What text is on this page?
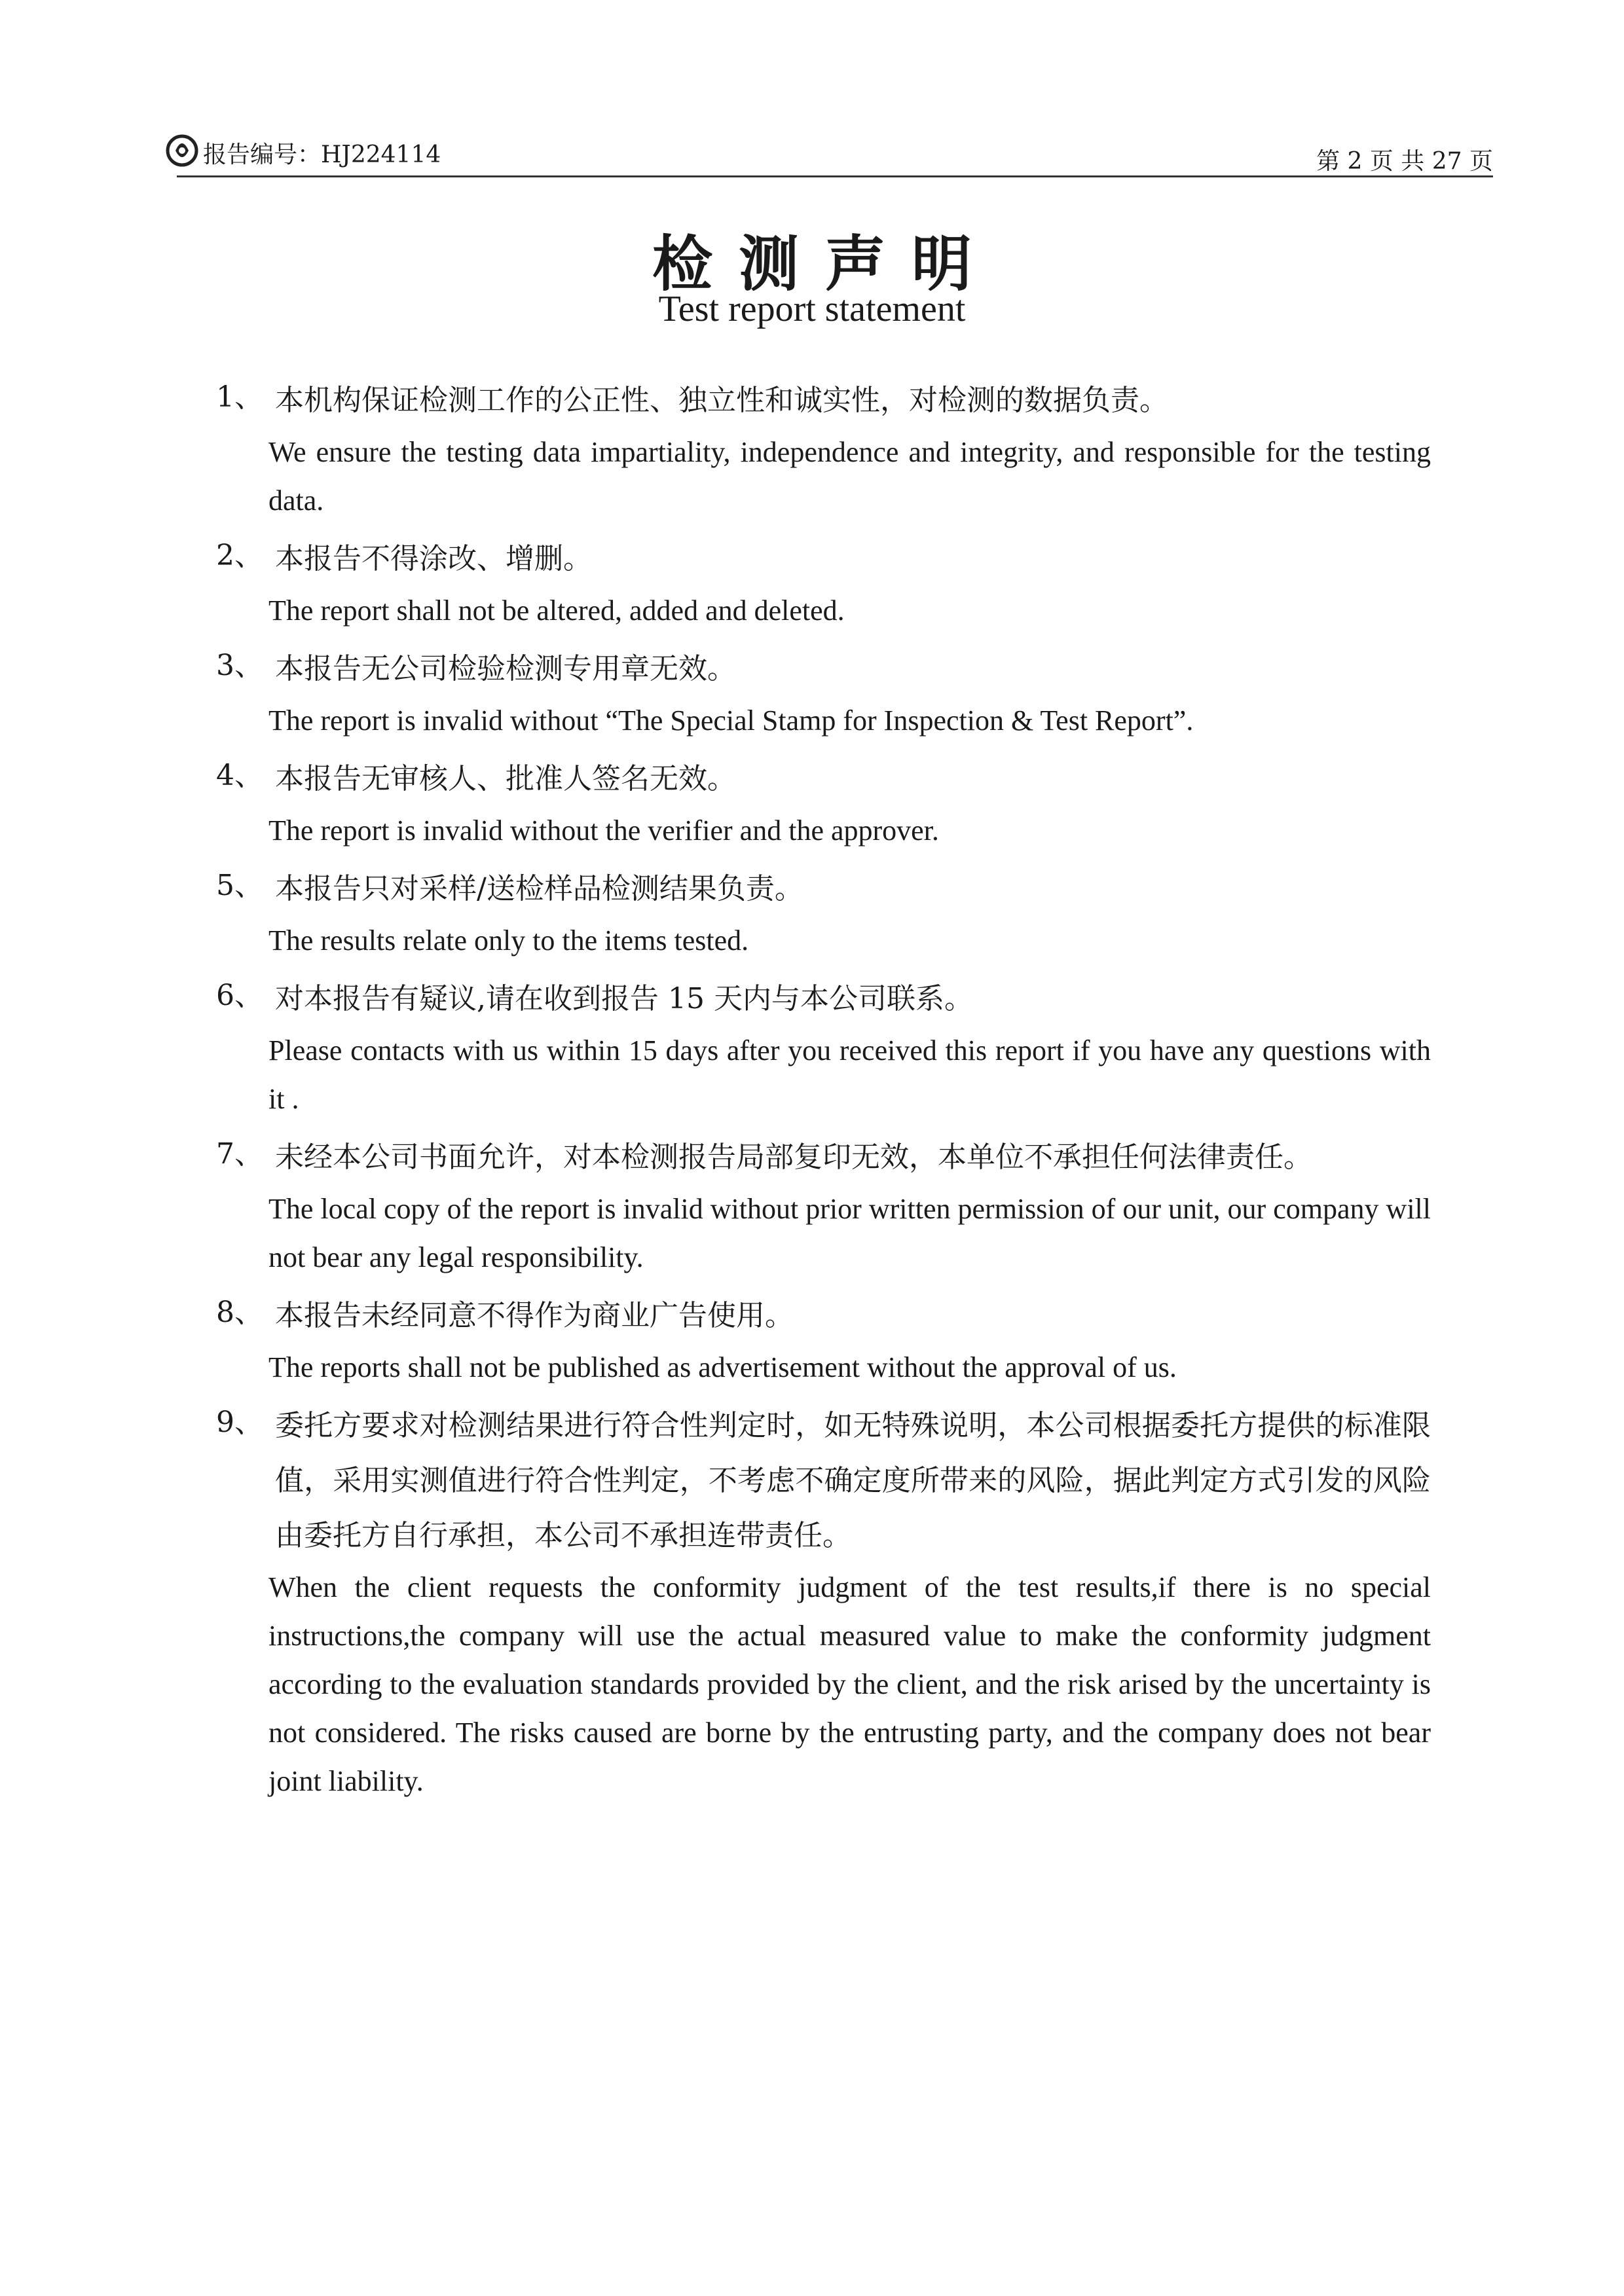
报告编号：HJ224114	第 2 页 共 27 页
检测声明
Test report statement
1、 本机构保证检测工作的公正性、独立性和诚实性，对检测的数据负责。
We ensure the testing data impartiality, independence and integrity, and responsible for the testing data.
2、 本报告不得涂改、增删。
The report shall not be altered, added and deleted.
3、 本报告无公司检验检测专用章无效。
The report is invalid without “The Special Stamp for Inspection & Test Report”.
4、 本报告无审核人、批准人签名无效。
The report is invalid without the verifier and the approver.
5、 本报告只对采样/送检样品检测结果负责。
The results relate only to the items tested.
6、 对本报告有疑议,请在收到报告 15 天内与本公司联系。
Please contacts with us within 15 days after you received this report if you have any questions with it .
7、 未经本公司书面允许，对本检测报告局部复印无效，本单位不承担任何法律责任。
The local copy of the report is invalid without prior written permission of our unit, our company will not bear any legal responsibility.
8、 本报告未经同意不得作为商业广告使用。
The reports shall not be published as advertisement without the approval of us.
9、 委托方要求对检测结果进行符合性判定时，如无特殊说明，本公司根据委托方提供的标准限值，采用实测值进行符合性判定，不考虑不确定度所带来的风险，据此判定方式引发的风险由委托方自行承担，本公司不承担连带责任。
When the client requests the conformity judgment of the test results,if there is no special instructions,the company will use the actual measured value to make the conformity judgment according to the evaluation standards provided by the client, and the risk arised by the uncertainty is not considered. The risks caused are borne by the entrusting party, and the company does not bear joint liability.
